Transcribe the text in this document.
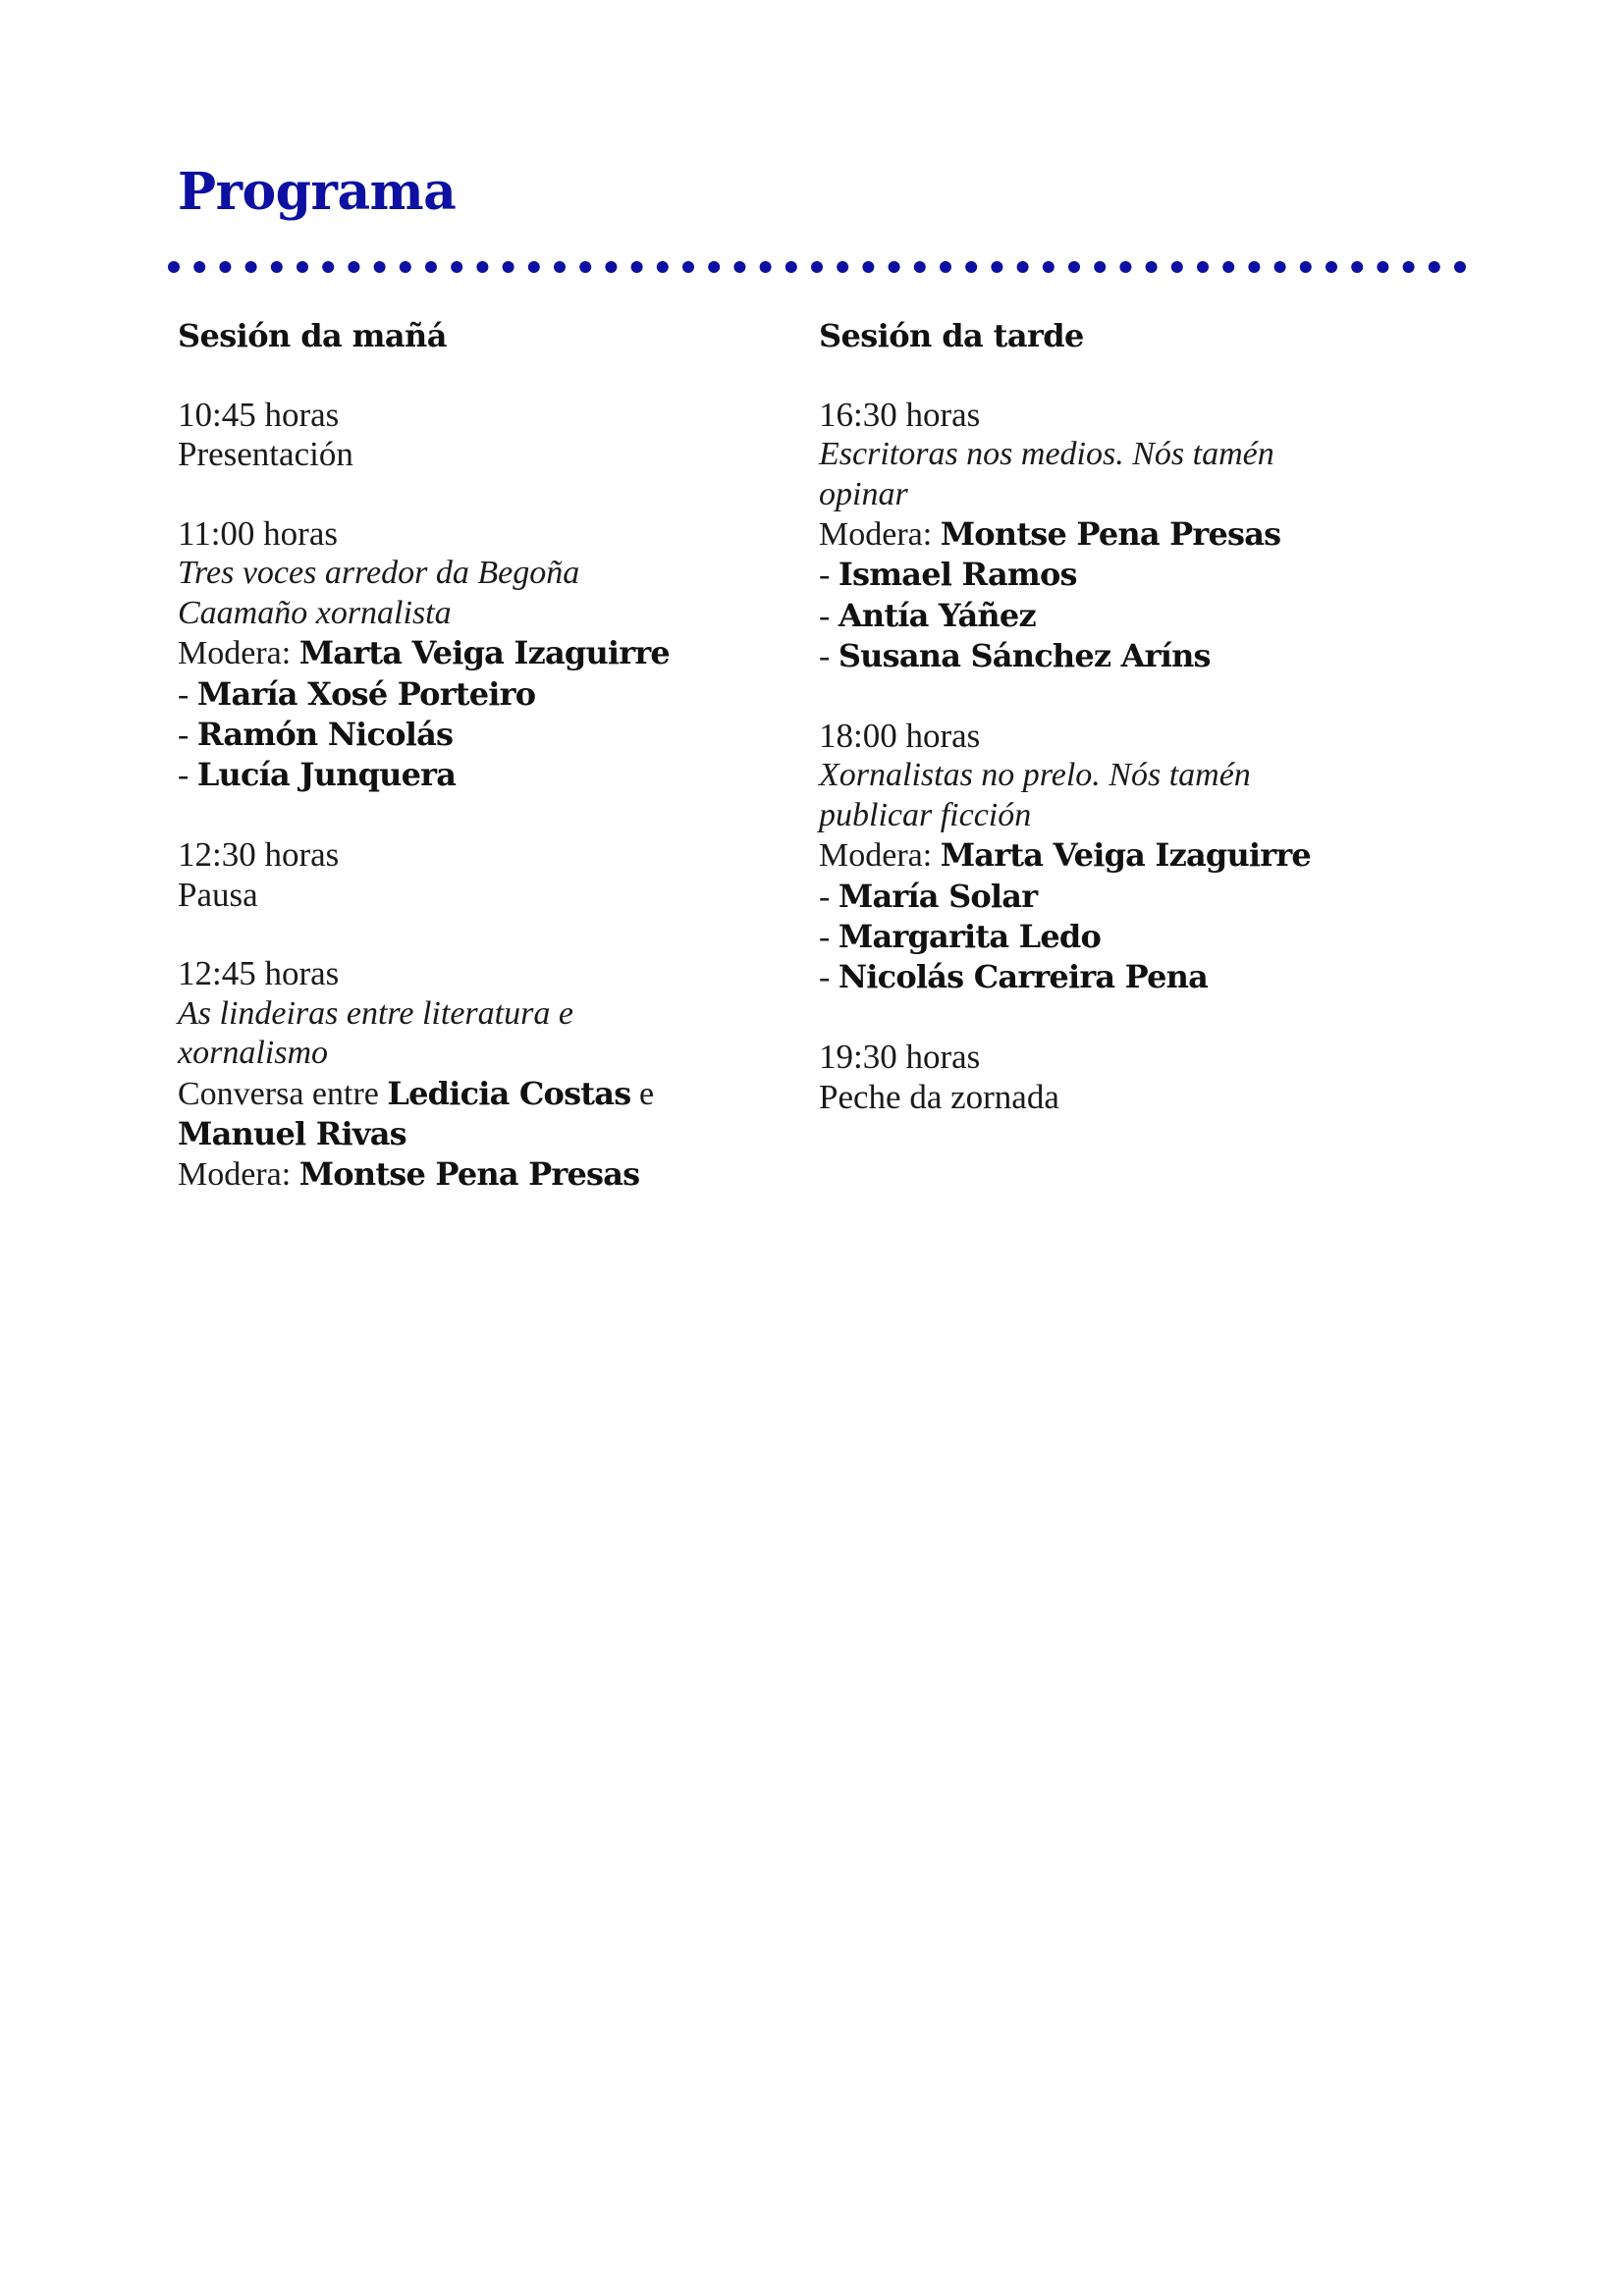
Programa
Sesión da mañá
10:45 horas
Presentación
11:00 horas
Tres voces arredor da Begoña
Caamaño xornalista
Modera: Marta Veiga Izaguirre
- María Xosé Porteiro
- Ramón Nicolás
- Lucía Junquera
12:30 horas
Pausa
12:45 horas
As lindeiras entre literatura e
xornalismo
Conversa entre Ledicia Costas e
Manuel Rivas
Modera: Montse Pena Presas
Sesión da tarde
16:30 horas
Escritoras nos medios. Nós tamén
opinar
Modera: Montse Pena Presas
- Ismael Ramos
- Antía Yáñez
- Susana Sánchez Aríns
18:00 horas
Xornalistas no prelo. Nós tamén
publicar ficción
Modera: Marta Veiga Izaguirre
- María Solar
- Margarita Ledo
- Nicolás Carreira Pena
19:30 horas
Peche da zornada
